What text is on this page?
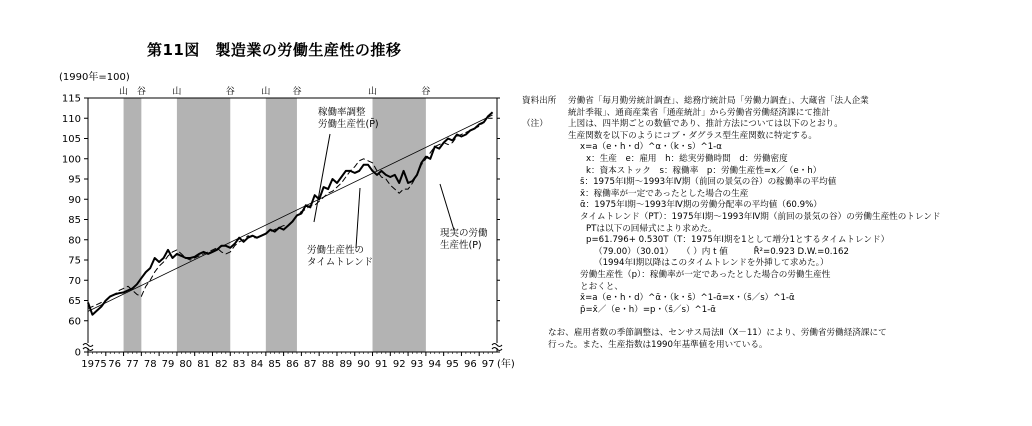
第11図　製造業の労働生産性の推移
0
60
65
70
75
80
85
90
95
100
105
110
115
1975 76 77 78 79 80 81 82 83 84 85 86 87 88 89 90 91 92 93 94 95 96 97
山 谷	山	谷	山 谷	山	谷
(1990年=100)
(年)
稼働率調整労働生産性(P̄)
労働生産性のタイムトレンド
現実の労働生産性(P)
資料出所 労働省「毎月勤労統計調査」、総務庁統計局「労働力調査」、大蔵省「法人企業
統計季報」、通商産業省「通産統計」から労働省労働経済課にて推計
（注） 上図は、四半期ごとの数値であり、推計方法については以下のとおり。
生産関数を以下のようにコブ・ダグラス型生産関数に特定する。
x=a（e・h・d）^α・（k・s）^1-α
x：生産　e：雇用　h：総実労働時間　d：労働密度
k：資本ストック　s：稼働率　p：労働生産性=x／（e・h）
s̄：1975年Ⅰ期～1993年Ⅳ期（前回の景気の谷）の稼働率の平均値
x̄：稼働率が一定であったとした場合の生産
ᾱ：1975年Ⅰ期～1993年Ⅳ期の労働分配率の平均値（60.9%）
タイムトレンド（PT）：1975年Ⅰ期～1993年Ⅳ期（前回の景気の谷）の労働生産性のトレンド
PTは以下の回帰式により求めた。
p=61.796+ 0.530T（T：1975年Ⅰ期を1として増分1とするタイムトレンド）
（79.00）（30.01）　　（ ）内 t 値　　　R̄²=0.923 D.W.=0.162
（1994年Ⅰ期以降はこのタイムトレンドを外挿して求めた。）
労働生産性（p）：稼働率が一定であったとした場合の労働生産性
とおくと、
x̄=a（e・h・d）^ᾱ・（k・s̄）^1-ᾱ=x・（s̄／s）^1-ᾱ
p̄=x̄／（e・h）=p・（s̄／s）^1-ᾱ
なお、雇用者数の季節調整は、センサス局法Ⅱ（X－11）により、労働省労働経済課にて
行った。また、生産指数は1990年基準値を用いている。
